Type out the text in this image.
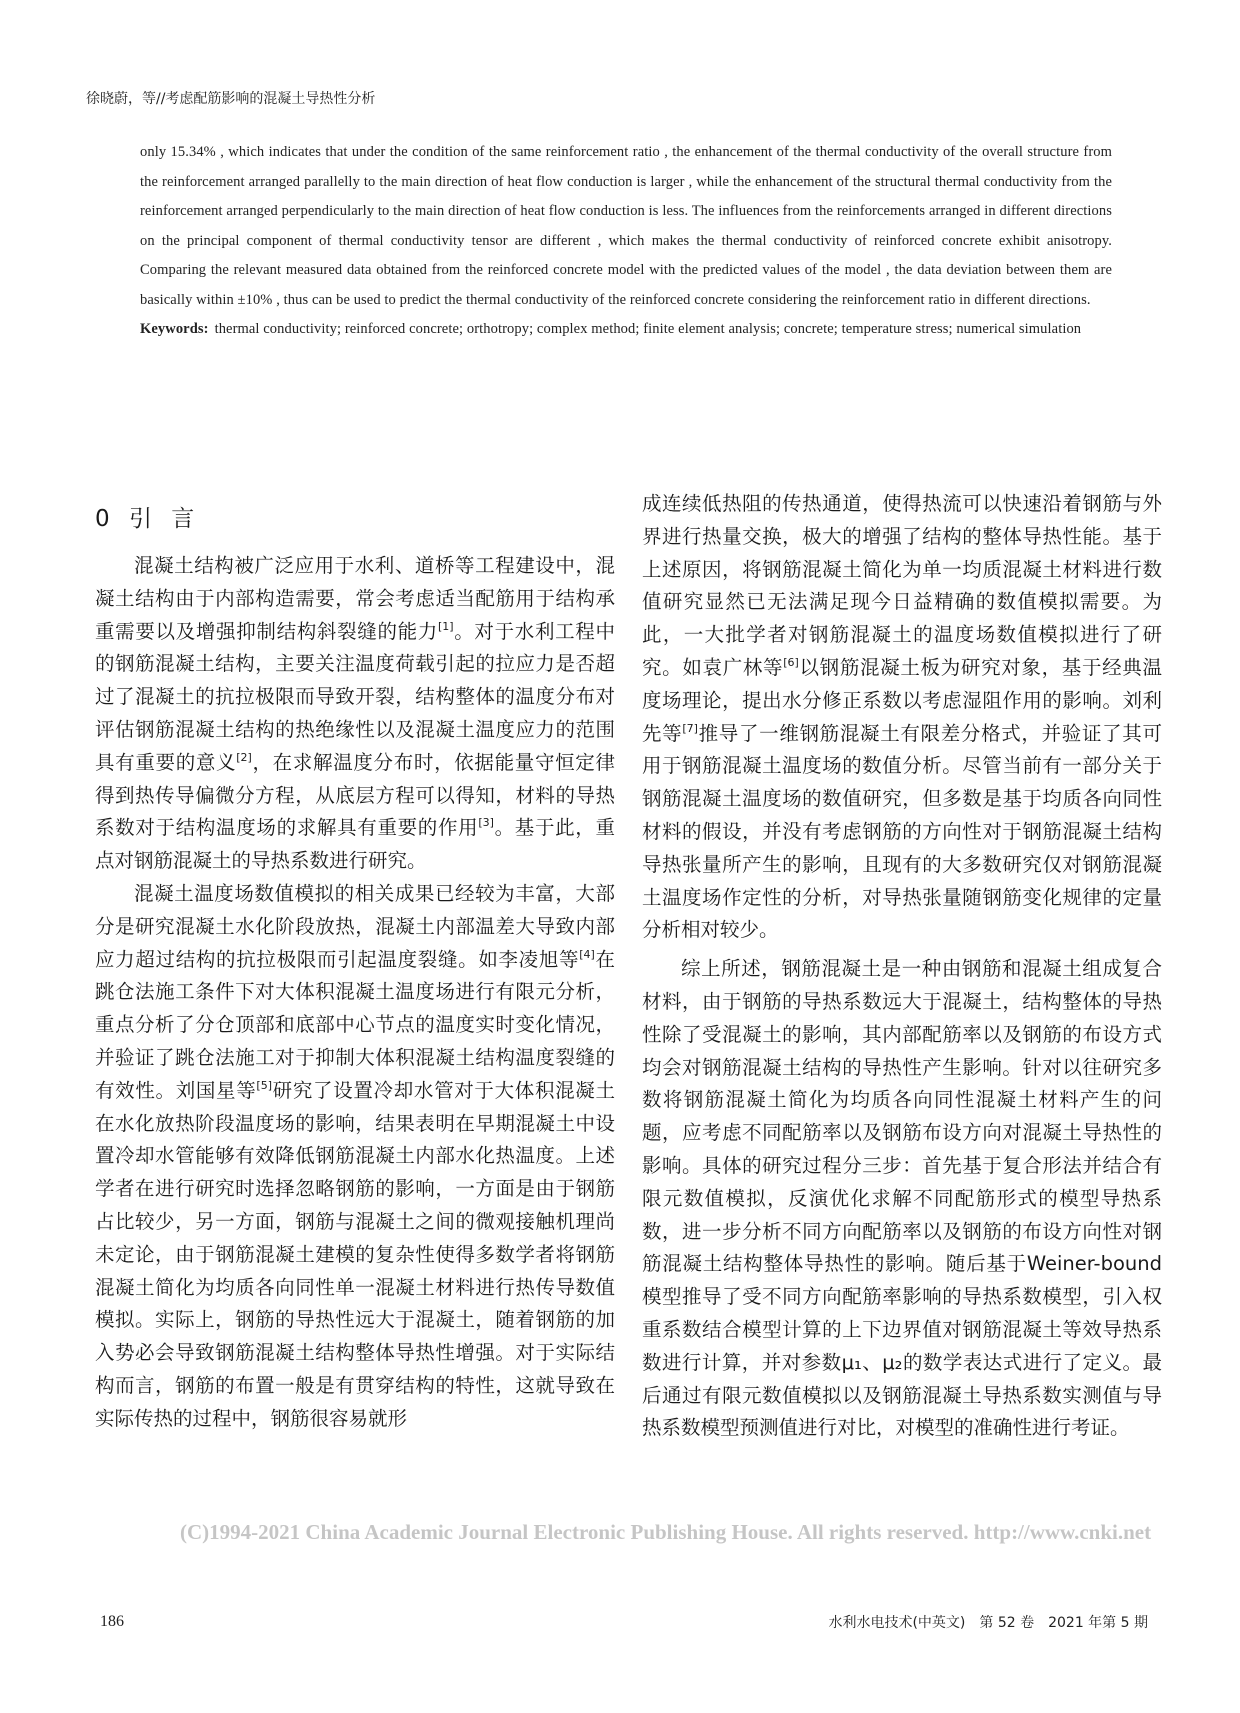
徐晓蔚，等//考虑配筋影响的混凝土导热性分析
only 15.34% , which indicates that under the condition of the same reinforcement ratio , the enhancement of the thermal conductivity of the overall structure from the reinforcement arranged parallelly to the main direction of heat flow conduction is larger , while the enhancement of the structural thermal conductivity from the reinforcement arranged perpendicularly to the main direction of heat flow conduction is less. The influences from the reinforcements arranged in different directions on the principal component of thermal conductivity tensor are different , which makes the thermal conductivity of reinforced concrete exhibit anisotropy. Comparing the relevant measured data obtained from the reinforced concrete model with the predicted values of the model , the data deviation between them are basically within ±10% , thus can be used to predict the thermal conductivity of the reinforced concrete considering the reinforcement ratio in different directions.
Keywords: thermal conductivity; reinforced concrete; orthotropy; complex method; finite element analysis; concrete; temperature stress; numerical simulation
0 引 言

混凝土结构被广泛应用于水利、道桥等工程建设中，混凝土结构由于内部构造需要，常会考虑适当配筋用于结构承重需要以及增强抑制结构斜裂缝的能力[1]。对于水利工程中的钢筋混凝土结构，主要关注温度荷载引起的拉应力是否超过了混凝土的抗拉极限而导致开裂，结构整体的温度分布对评估钢筋混凝土结构的热绝缘性以及混凝土温度应力的范围具有重要的意义[2]，在求解温度分布时，依据能量守恒定律得到热传导偏微分方程，从底层方程可以得知，材料的导热系数对于结构温度场的求解具有重要的作用[3]。基于此，重点对钢筋混凝土的导热系数进行研究。

混凝土温度场数值模拟的相关成果已经较为丰富，大部分是研究混凝土水化阶段放热，混凝土内部温差大导致内部应力超过结构的抗拉极限而引起温度裂缝。如李凌旭等[4]在跳仓法施工条件下对大体积混凝土温度场进行有限元分析，重点分析了分仓顶部和底部中心节点的温度实时变化情况，并验证了跳仓法施工对于抑制大体积混凝土结构温度裂缝的有效性。刘国星等[5]研究了设置冷却水管对于大体积混凝土在水化放热阶段温度场的影响，结果表明在早期混凝土中设置冷却水管能够有效降低钢筋混凝土内部水化热温度。上述学者在进行研究时选择忽略钢筋的影响，一方面是由于钢筋占比较少，另一方面，钢筋与混凝土之间的微观接触机理尚未定论，由于钢筋混凝土建模的复杂性使得多数学者将钢筋混凝土简化为均质各向同性单一混凝土材料进行热传导数值模拟。实际上，钢筋的导热性远大于混凝土，随着钢筋的加入势必会导致钢筋混凝土结构整体导热性增强。对于实际结构而言，钢筋的布置一般是有贯穿结构的特性，这就导致在实际传热的过程中，钢筋很容易就形

成连续低热阻的传热通道，使得热流可以快速沿着钢筋与外界进行热量交换，极大的增强了结构的整体导热性能。基于上述原因，将钢筋混凝土简化为单一均质混凝土材料进行数值研究显然已无法满足现今日益精确的数值模拟需要。为此，一大批学者对钢筋混凝土的温度场数值模拟进行了研究。如袁广林等[6]以钢筋混凝土板为研究对象，基于经典温度场理论，提出水分修正系数以考虑湿阻作用的影响。刘利先等[7]推导了一维钢筋混凝土有限差分格式，并验证了其可用于钢筋混凝土温度场的数值分析。尽管当前有一部分关于钢筋混凝土温度场的数值研究，但多数是基于均质各向同性材料的假设，并没有考虑钢筋的方向性对于钢筋混凝土结构导热张量所产生的影响，且现有的大多数研究仅对钢筋混凝土温度场作定性的分析，对导热张量随钢筋变化规律的定量分析相对较少。

综上所述，钢筋混凝土是一种由钢筋和混凝土组成复合材料，由于钢筋的导热系数远大于混凝土，结构整体的导热性除了受混凝土的影响，其内部配筋率以及钢筋的布设方式均会对钢筋混凝土结构的导热性产生影响。针对以往研究多数将钢筋混凝土简化为均质各向同性混凝土材料产生的问题，应考虑不同配筋率以及钢筋布设方向对混凝土导热性的影响。具体的研究过程分三步：首先基于复合形法并结合有限元数值模拟，反演优化求解不同配筋形式的模型导热系数，进一步分析不同方向配筋率以及钢筋的布设方向性对钢筋混凝土结构整体导热性的影响。随后基于Weiner-bound模型推导了受不同方向配筋率影响的导热系数模型，引入权重系数结合模型计算的上下边界值对钢筋混凝土等效导热系数进行计算，并对参数μ₁、μ₂的数学表达式进行了定义。最后通过有限元数值模拟以及钢筋混凝土导热系数实测值与导热系数模型预测值进行对比，对模型的准确性进行考证。

(C)1994-2021 China Academic Journal Electronic Publishing House. All rights reserved. http://www.cnki.net
186	水利水电技术(中英文)　第 52 卷　2021 年第 5 期
